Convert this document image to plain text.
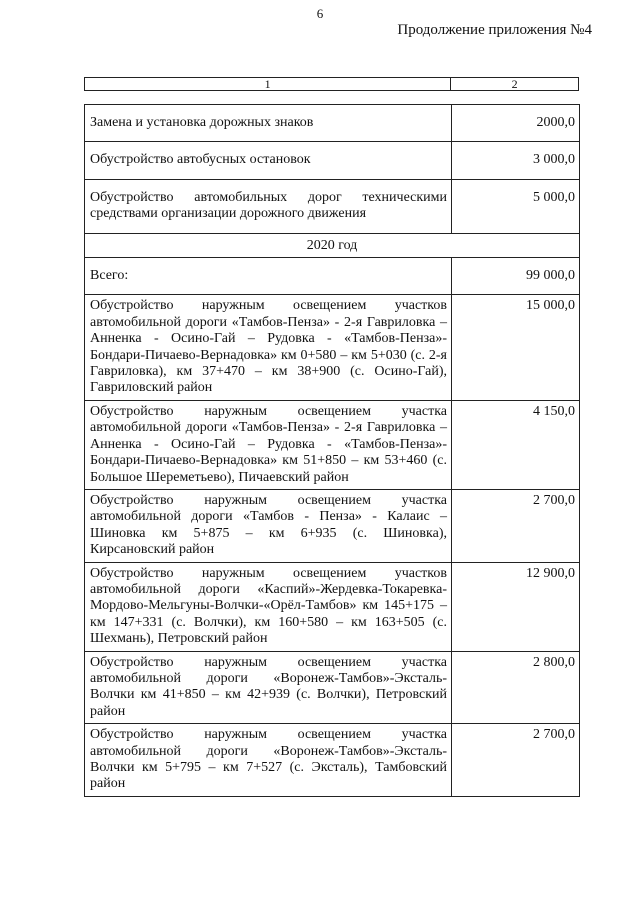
6
Продолжение приложения №4
1	2
Замена и установка дорожных знаков	2000,0
Обустройство автобусных остановок	3 000,0
Обустройство автомобильных дорог техническими средствами организации дорожного движения	5 000,0
2020 год	
Всего:	99 000,0
Обустройство наружным освещением участков автомобильной дороги «Тамбов-Пенза» - 2-я Гавриловка – Анненка - Осино-Гай – Рудовка - «Тамбов-Пенза»-Бондари-Пичаево-Вернадовка» км 0+580 – км 5+030 (с. 2-я Гавриловка), км 37+470 – км 38+900 (с. Осино-Гай), Гавриловский район	15 000,0
Обустройство наружным освещением участка автомобильной дороги «Тамбов-Пенза» - 2-я Гавриловка – Анненка - Осино-Гай – Рудовка - «Тамбов-Пенза»-Бондари-Пичаево-Вернадовка» км 51+850 – км 53+460 (с. Большое Шереметьево), Пичаевский район	4 150,0
Обустройство наружным освещением участка автомобильной дороги «Тамбов - Пенза» - Калаис – Шиновка км 5+875 – км 6+935 (с. Шиновка), Кирсановский район	2 700,0
Обустройство наружным освещением участков автомобильной дороги «Каспий»-Жердевка-Токаревка-Мордово-Мельгуны-Волчки-«Орёл-Тамбов» км 145+175 – км 147+331 (с. Волчки), км 160+580 – км 163+505 (с. Шехмань), Петровский район	12 900,0
Обустройство наружным освещением участка автомобильной дороги «Воронеж-Тамбов»-Эксталь-Волчки км 41+850 – км 42+939 (с. Волчки), Петровский район	2 800,0
Обустройство наружным освещением участка автомобильной дороги «Воронеж-Тамбов»-Эксталь-Волчки км 5+795 – км 7+527 (с. Эксталь), Тамбовский район	2 700,0
